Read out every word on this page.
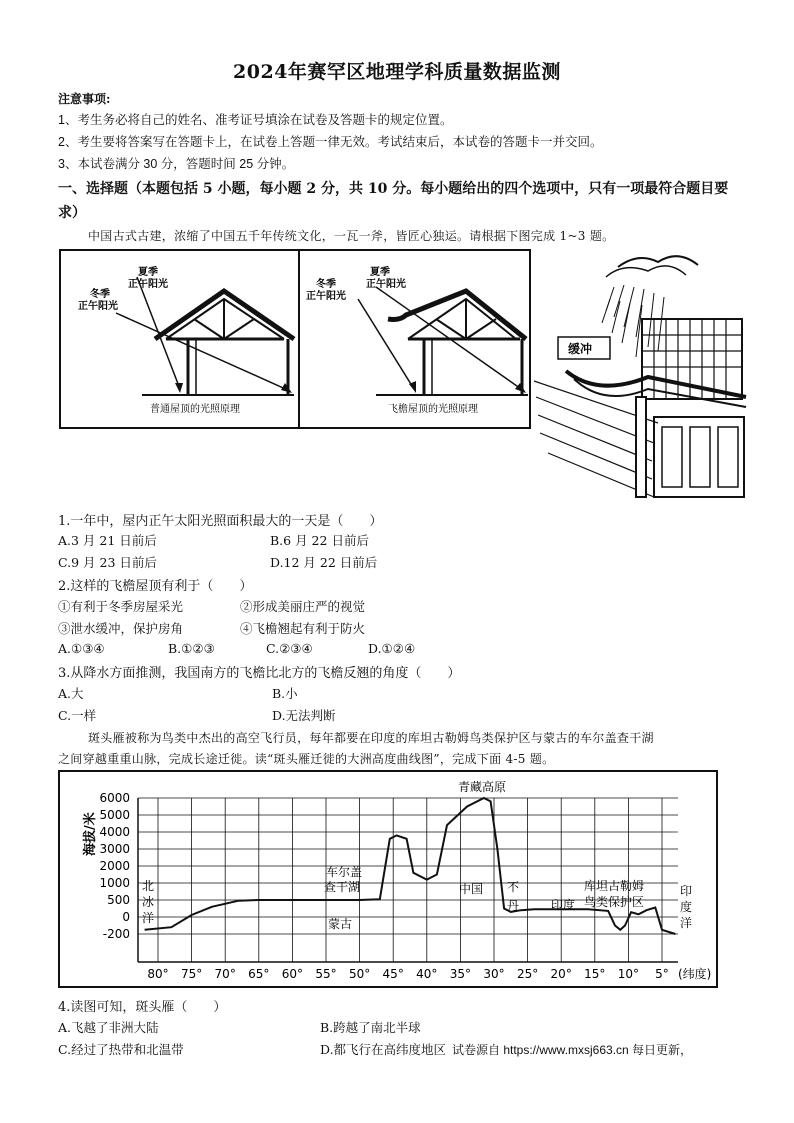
2024年赛罕区地理学科质量数据监测
注意事项:
1、考生务必将自己的姓名、准考证号填涂在试卷及答题卡的规定位置。
2、考生要将答案写在答题卡上，在试卷上答题一律无效。考试结束后，本试卷的答题卡一并交回。
3、本试卷满分 30 分，答题时间 25 分钟。
一、选择题（本题包括 5 小题，每小题 2 分，共 10 分。每小题给出的四个选项中，只有一项最符合题目要求）
中国古式古建，浓缩了中国五千年传统文化，一瓦一斧，皆匠心独运。请根据下图完成 1~3 题。
夏季
正午阳光
冬季
正午阳光
普通屋顶的光照原理
夏季
正午阳光
冬季
正午阳光
飞檐屋顶的光照原理
缓冲
1.一年中，屋内正午太阳光照面积最大的一天是（　　）
A.3 月 21 日前后	B.6 月 22 日前后
C.9 月 23 日前后	D.12 月 22 日前后
2.这样的飞檐屋顶有利于（　　）
①有利于冬季房屋采光	②形成美丽庄严的视觉
③泄水缓冲，保护房角	④飞檐翘起有利于防火
A.①③④	B.①②③	C.②③④	D.①②④
3.从降水方面推测，我国南方的飞檐比北方的飞檐反翘的角度（　　）
A.大	B.小
C.一样	D.无法判断
斑头雁被称为鸟类中杰出的高空飞行员，每年都要在印度的库坦古勒姆鸟类保护区与蒙古的车尔盖查干湖
之间穿越重重山脉，完成长途迁徙。读“斑头雁迁徙的大洲高度曲线图”，完成下面 4-5 题。
6000
5000
4000
3000
2000
1000
500
0
-200
80° 75° 70° 65° 60° 55° 50° 45° 40° 35° 30° 25° 20° 15° 10° 5°
海拔/米
(纬度)
青藏高原
车尔盖
查干湖
蒙古
北
冰
洋
中国 不
丹	印度
库坦古勒姆
鸟类保护区
印
度
洋
4.读图可知，斑头雁（　　）
A.飞越了非洲大陆	B.跨越了南北半球
C.经过了热带和北温带	D.都飞行在高纬度地区 试卷源自 https://www.mxsj663.cn 每日更新，
